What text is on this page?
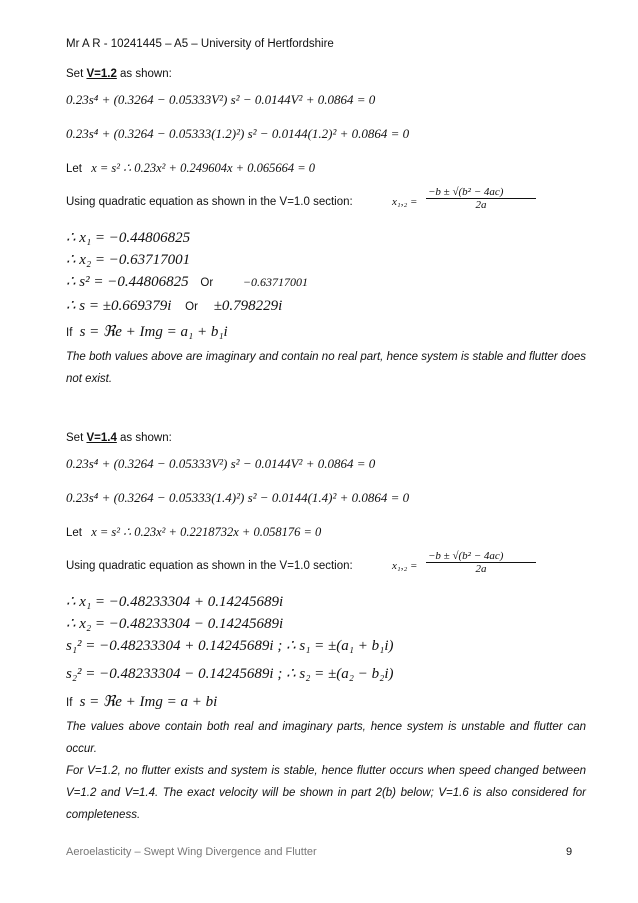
Mr A R - 10241445 – A5 – University of Hertfordshire
Set V=1.2 as shown:
0.23s⁴ + (0.3264 − 0.05333V²) s² − 0.0144V² + 0.0864 = 0
0.23s⁴ + (0.3264 − 0.05333(1.2)²) s² − 0.0144(1.2)² + 0.0864 = 0
Let x = s² ∴ 0.23x² + 0.249604x + 0.065664 = 0
Using quadratic equation as shown in the V=1.0 section:	$x_1,_2 = \frac{\text{−b ± √(b² − 4ac)}}{2a}$
∴ x₁ = −0.44806825
∴ x₂ = −0.63717001
∴ s² = −0.44806825 Or −0.63717001
∴ s = ±0.669379i Or ±0.798229i
If s = ℜe + Img = a₁ + b₁i
The both values above are imaginary and contain no real part, hence system is stable and flutter does not exist.
Set V=1.4 as shown:
0.23s⁴ + (0.3264 − 0.05333V²) s² − 0.0144V² + 0.0864 = 0
0.23s⁴ + (0.3264 − 0.05333(1.4)²) s² − 0.0144(1.4)² + 0.0864 = 0
Let x = s² ∴ 0.23x² + 0.2218732x + 0.058176 = 0
Using quadratic equation as shown in the V=1.0 section:	$x_1,_2 = \frac{\text{−b ± √(b² − 4ac)}}{2a}$
∴ x₁ = −0.48233304 + 0.14245689i
∴ x₂ = −0.48233304 − 0.14245689i
s₁² = −0.48233304 + 0.14245689i ; ∴ s₁ = ±(a₁ + b₁i)
s₂² = −0.48233304 − 0.14245689i ; ∴ s₂ = ±(a₂ − b₂i)
If s = ℜe + Img = a + bi
The values above contain both real and imaginary parts, hence system is unstable and flutter can occur.
For V=1.2, no flutter exists and system is stable, hence flutter occurs when speed changed between V=1.2 and V=1.4. The exact velocity will be shown in part 2(b) below; V=1.6 is also considered for completeness.
Aeroelasticity – Swept Wing Divergence and Flutter	9
